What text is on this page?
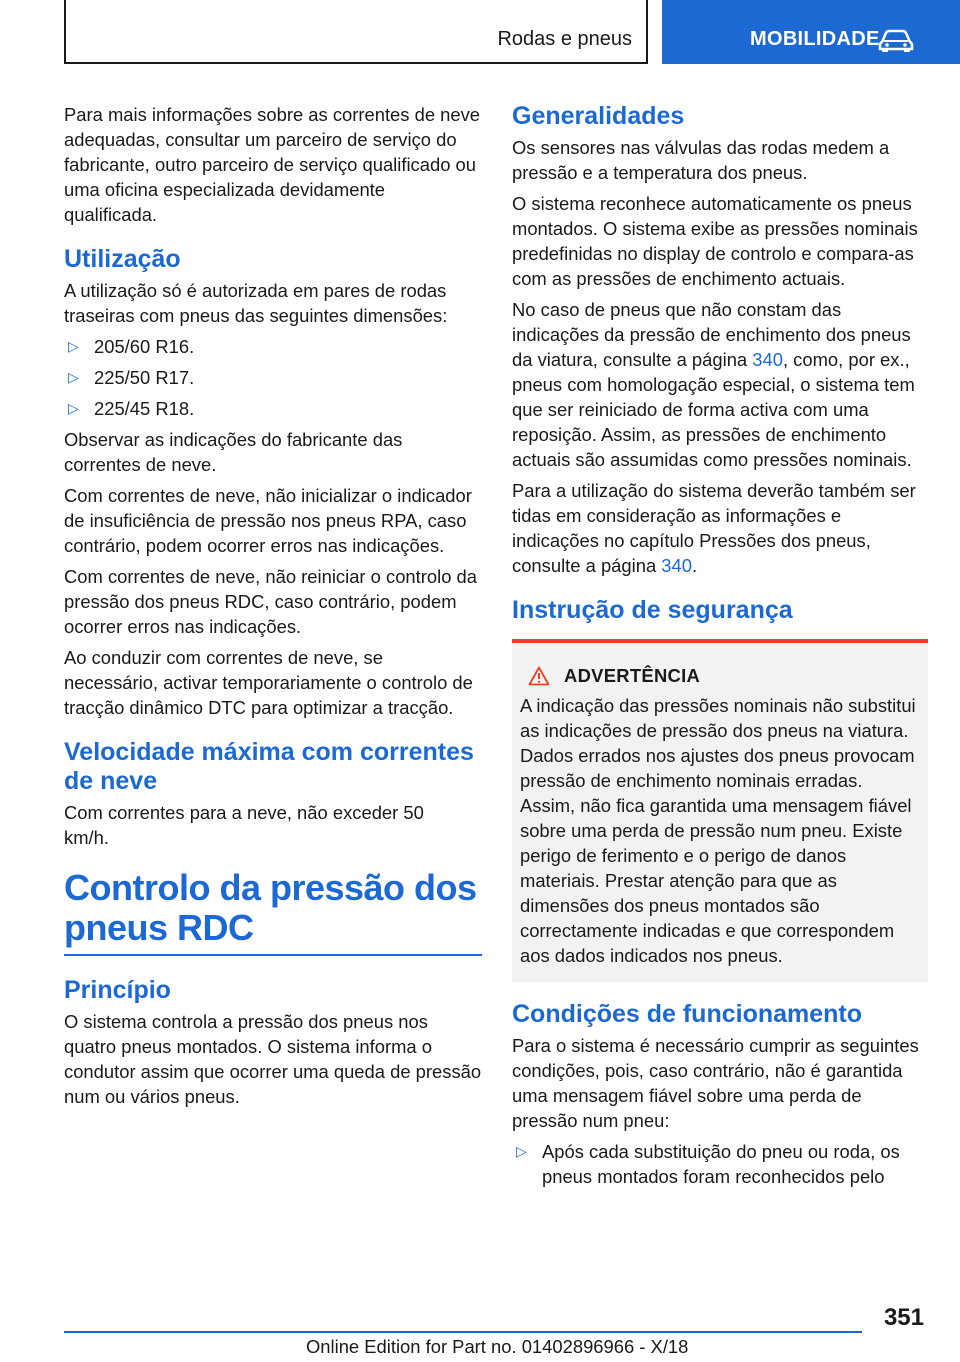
Rodas e pneus	MOBILIDADE

Para mais informações sobre as correntes de neve adequadas, consultar um parceiro de serviço do fabricante, outro parceiro de serviço qualificado ou uma oficina especializada devidamente qualificada.

Utilização

A utilização só é autorizada em pares de rodas traseiras com pneus das seguintes dimensões:

▷ 205/60 R16.
▷ 225/50 R17.
▷ 225/45 R18.

Observar as indicações do fabricante das correntes de neve.

Com correntes de neve, não inicializar o indicador de insuficiência de pressão nos pneus RPA, caso contrário, podem ocorrer erros nas indicações.

Com correntes de neve, não reiniciar o controlo da pressão dos pneus RDC, caso contrário, podem ocorrer erros nas indicações.

Ao conduzir com correntes de neve, se necessário, activar temporariamente o controlo de tracção dinâmico DTC para optimizar a tracção.

Velocidade máxima com correntes de neve

Com correntes para a neve, não exceder 50 km/h.

Controlo da pressão dos pneus RDC
Princípio

O sistema controla a pressão dos pneus nos quatro pneus montados. O sistema informa o condutor assim que ocorrer uma queda de pressão num ou vários pneus.

Generalidades

Os sensores nas válvulas das rodas medem a pressão e a temperatura dos pneus.

O sistema reconhece automaticamente os pneus montados. O sistema exibe as pressões nominais predefinidas no display de controlo e compara-as com as pressões de enchimento actuais.

No caso de pneus que não constam das indicações da pressão de enchimento dos pneus da viatura, consulte a página 340, como, por ex., pneus com homologação especial, o sistema tem que ser reiniciado de forma activa com uma reposição. Assim, as pressões de enchimento actuais são assumidas como pressões nominais.

Para a utilização do sistema deverão também ser tidas em consideração as informações e indicações no capítulo Pressões dos pneus, consulte a página 340.

Instrução de segurança
ADVERTÊNCIA

A indicação das pressões nominais não substitui as indicações de pressão dos pneus na viatura. Dados errados nos ajustes dos pneus provocam pressão de enchimento nominais erradas. Assim, não fica garantida uma mensagem fiável sobre uma perda de pressão num pneu. Existe perigo de ferimento e o perigo de danos materiais. Prestar atenção para que as dimensões dos pneus montados são correctamente indicadas e que correspondem aos dados indicados nos pneus.

Condições de funcionamento

Para o sistema é necessário cumprir as seguintes condições, pois, caso contrário, não é garantida uma mensagem fiável sobre uma perda de pressão num pneu:

▷ Após cada substituição do pneu ou roda, os pneus montados foram reconhecidos pelo
351
Online Edition for Part no. 01402896966 - X/18
